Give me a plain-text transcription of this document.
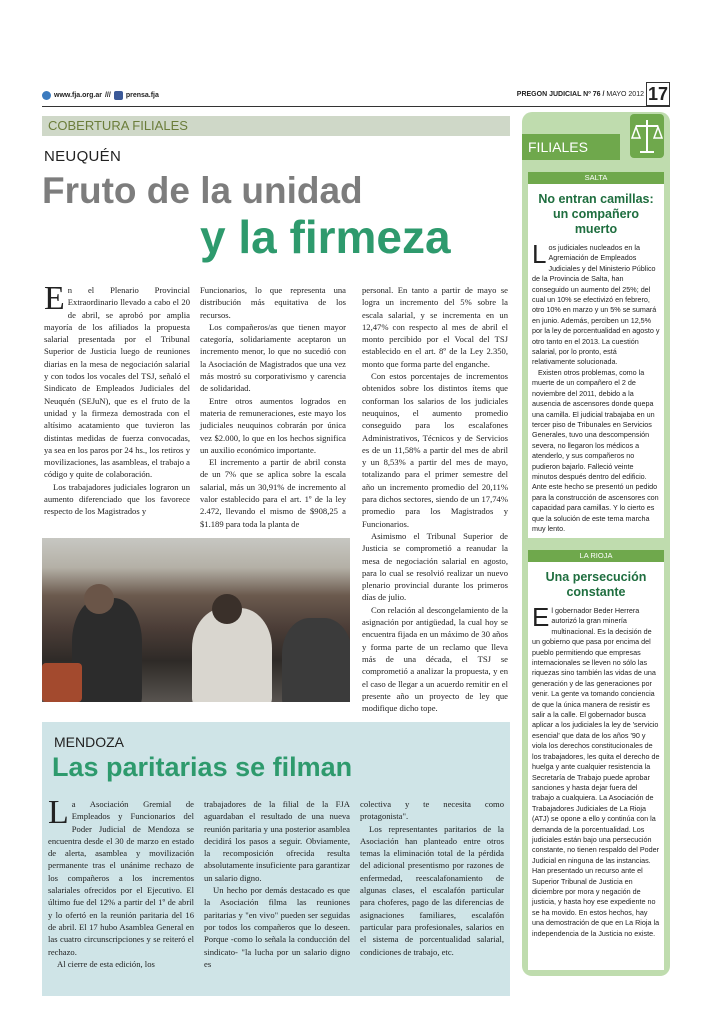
www.fja.org.ar /// prensa.fja	PREGON JUDICIAL Nº 76 / MAYO 2012 17
COBERTURA FILIALES
NEUQUÉN
Fruto de la unidad
y la firmeza

En el Plenario Provincial Extraordinario llevado a cabo el 20 de abril, se aprobó por amplia mayoría de los afiliados la propuesta salarial presentada por el Tribunal Superior de Justicia luego de reuniones diarias en la mesa de negociación salarial y con todos los vocales del TSJ, señaló el Sindicato de Empleados Judiciales del Neuquén (SEJuN), que es el fruto de la unidad y la firmeza demostrada con el altísimo acatamiento que tuvieron las distintas medidas de fuerza convocadas, ya sea en los paros por 24 hs., los retiros y movilizaciones, las asambleas, el trabajo a código y quite de colaboración.

Los trabajadores judiciales lograron un aumento diferenciado que los favorece respecto de los Magistrados y

Funcionarios, lo que representa una distribución más equitativa de los recursos.

Los compañeros/as que tienen mayor categoría, solidariamente aceptaron un incremento menor, lo que no sucedió con la Asociación de Magistrados que una vez más mostró su corporativismo y carencia de solidaridad.

Entre otros aumentos logrados en materia de remuneraciones, este mayo los judiciales neuquinos cobrarán por única vez $2.000, lo que en los hechos significa un auxilio económico importante.

El incremento a partir de abril consta de un 7% que se aplica sobre la escala salarial, más un 30,91% de incremento al valor establecido para el art. 1º de la ley 2.472, llevando el mismo de $908,25 a $1.189 para toda la planta de

personal. En tanto a partir de mayo se logra un incremento del 5% sobre la escala salarial, y se incrementa en un 12,47% con respecto al mes de abril el monto percibido por el Vocal del TSJ establecido en el art. 8º de la Ley 2.350, monto que forma parte del enganche.

Con estos porcentajes de incrementos obtenidos sobre los distintos ítems que conforman los salarios de los judiciales neuquinos, el aumento promedio conseguido para los escalafones Administrativos, Técnicos y de Servicios es de un 11,58% a partir del mes de abril y un 8,53% a partir del mes de mayo, totalizando para el primer semestre del año un incremento promedio del 20,11% para dichos sectores, siendo de un 17,74% promedio para los Magistrados y Funcionarios.

Asimismo el Tribunal Superior de Justicia se comprometió a reanudar la mesa de negociación salarial en agosto, para lo cual se resolvió realizar un nuevo plenario provincial durante los primeros días de julio.

Con relación al descongelamiento de la asignación por antigüedad, la cual hoy se encuentra fijada en un máximo de 30 años y forma parte de un reclamo que lleva más de una década, el TSJ se comprometió a analizar la propuesta, y en el caso de llegar a un acuerdo remitir en el presente año un proyecto de ley que modifique dicho tope.

MENDOZA
Las paritarias se filman

La Asociación Gremial de Empleados y Funcionarios del Poder Judicial de Mendoza se encuentra desde el 30 de marzo en estado de alerta, asamblea y movilización permanente tras el unánime rechazo de los compañeros a los incrementos salariales ofrecidos por el Ejecutivo. El último fue del 12% a partir del 1º de abril y lo ofertó en la reunión paritaria del 16 de abril. El 17 hubo Asamblea General en las cuatro circunscripciones y se reiteró el rechazo.

Al cierre de esta edición, los

trabajadores de la filial de la FJA aguardaban el resultado de una nueva reunión paritaria y una posterior asamblea decidirá los pasos a seguir. Obviamente, la recomposición ofrecida resulta absolutamente insuficiente para garantizar un salario digno.

Un hecho por demás destacado es que la Asociación filma las reuniones paritarias y "en vivo" pueden ser seguidas por todos los compañeros que lo deseen. Porque -como lo señala la conducción del sindicato- "la lucha por un salario digno es

colectiva y te necesita como protagonista".

Los representantes paritarios de la Asociación han planteado entre otros temas la eliminación total de la pérdida del adicional presentismo por razones de enfermedad, reescalafonamiento de algunas clases, el escalafón particular para choferes, pago de las diferencias de asignaciones familiares, escalafón particular para profesionales, salarios en el sistema de porcentualidad salarial, condiciones de trabajo, etc.

FILIALES
SALTA
No entran camillas: un compañero muerto

Los judiciales nucleados en la Agremiación de Empleados Judiciales y del Ministerio Público de la Provincia de Salta, han conseguido un aumento del 25%; del cual un 10% se efectivizó en febrero, otro 10% en marzo y un 5% se sumará en junio. Además, perciben un 12,5% por la ley de porcentualidad en agosto y otro tanto en el 2013. La cuestión salarial, por lo pronto, está relativamente solucionada.

Existen otros problemas, como la muerte de un compañero el 2 de noviembre del 2011, debido a la ausencia de ascensores donde quepa una camilla. El judicial trabajaba en un tercer piso de Tribunales en Servicios Generales, tuvo una descompensión severa, no llegaron los médicos a atenderlo, y sus compañeros no pudieron bajarlo. Falleció veinte minutos después dentro del edificio. Ante este hecho se presentó un pedido para la construcción de ascensores con capacidad para camillas. Y lo cierto es que la solución de este tema marcha muy lento.

LA RIOJA
Una persecución constante

El gobernador Beder Herrera autorizó la gran minería multinacional. Es la decisión de un gobierno que pasa por encima del pueblo permitiendo que empresas internacionales se lleven no sólo las riquezas sino también las vidas de una generación y de las generaciones por venir. La gente va tomando conciencia de que la única manera de resistir es salir a la calle. El gobernador busca aplicar a los judiciales la ley de 'servicio esencial' que data de los años '90 y viola los derechos constitucionales de los trabajadores, les quita el derecho de huelga y ante cualquier resistencia la Secretaría de Trabajo puede aprobar sanciones y hasta dejar fuera del trabajo a cualquiera. La Asociación de Trabajadores Judiciales de La Rioja (ATJ) se opone a ello y continúa con la demanda de la porcentualidad. Los judiciales están bajo una persecución constante, no tienen respaldo del Poder Judicial en ninguna de las instancias. Han presentado un recurso ante el Superior Tribunal de Justicia en diciembre por mora y negación de justicia, y hasta hoy ese expediente no se ha movido. En estos hechos, hay una demostración de que en La Rioja la independencia de la Justicia no existe.
